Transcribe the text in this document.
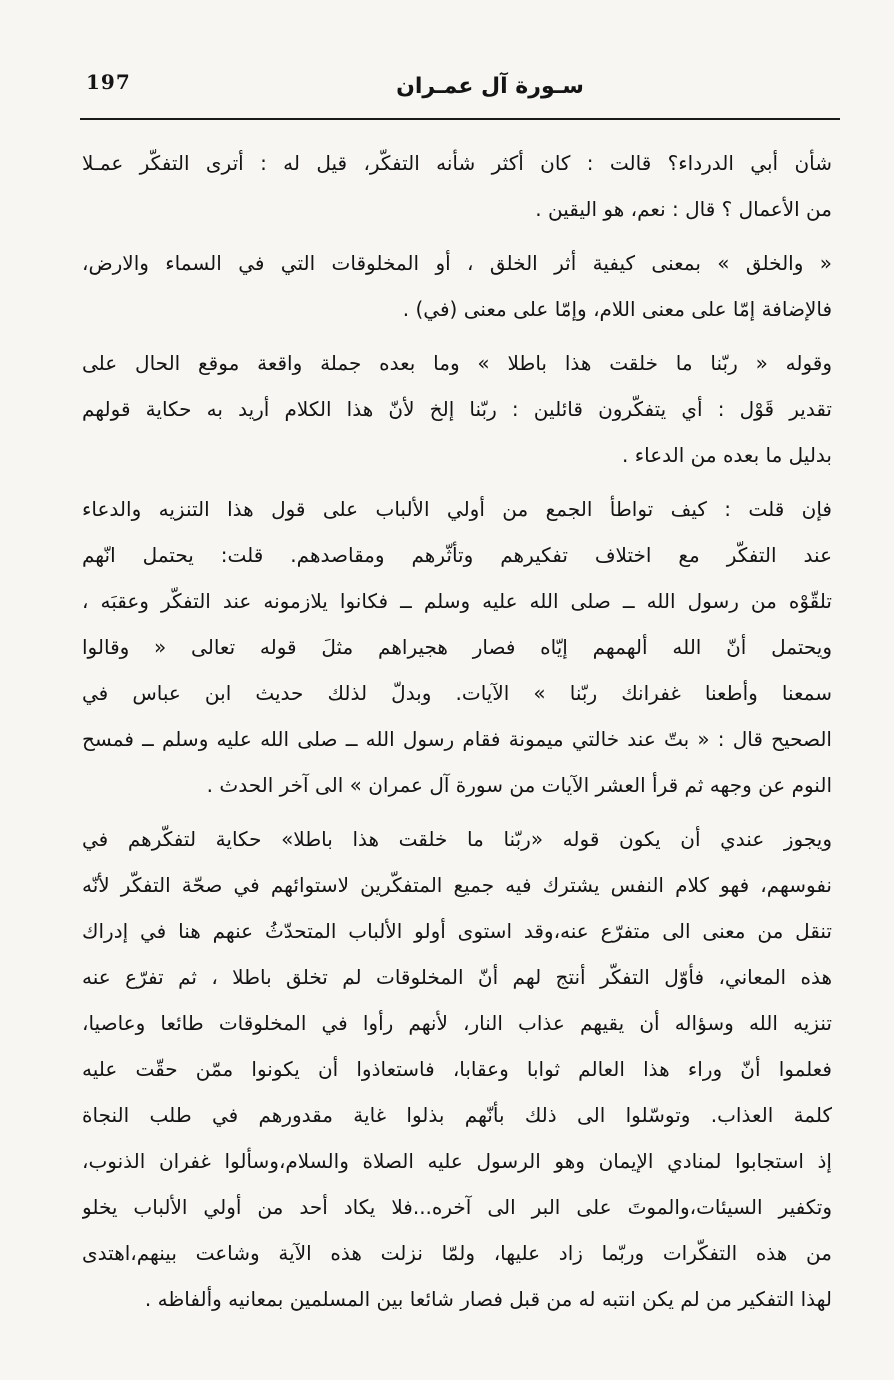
197	سـورة آل عمـران
شأن أبي الدرداء؟ قالت : كان أكثر شأنه التفكّر، قيل له : أترى التفكّر عمـلا
من الأعمال ؟ قال : نعم، هو اليقين .
« والخلق » بمعنى كيفية أثر الخلق ، أو المخلوقات التي في السماء والارض،
فالإضافة إمّا على معنى اللام، وإمّا على معنى (في) .
وقوله « ربّنا ما خلقت هذا باطلا » وما بعده جملة واقعة موقع الحال على
تقدير قَوْل : أي يتفكّرون قائلين : ربّنا إلخ لأنّ هذا الكلام أريد به حكاية قولهم
بدليل ما بعده من الدعاء .
فإن قلت : كيف تواطأ الجمع من أولي الألباب على قول هذا التنزيه والدعاء
عند التفكّر مع اختلاف تفكيرهم وتأثّرهم ومقاصدهم. قلت: يحتمل انّهم
تلقّوْه من رسول الله ــ صلى الله عليه وسلم ــ فكانوا يلازمونه عند التفكّر وعقبَه ،
ويحتمل أنّ الله ألهمهم إيّاه فصار هجيراهم مثلَ قوله تعالى « وقالوا
سمعنا وأطعنا غفرانك ربّنا » الآيات. وبدلّ لذلك حديث ابن عباس في
الصحيح قال : « بتّ عند خالتي ميمونة فقام رسول الله ــ صلى الله عليه وسلم ــ فمسح
النوم عن وجهه ثم قرأ العشر الآيات من سورة آل عمران » الى آخر الحدث .
ويجوز عندي أن يكون قوله «ربّنا ما خلقت هذا باطلا» حكاية لتفكّرهم في
نفوسهم، فهو كلام النفس يشترك فيه جميع المتفكّرين لاستوائهم في صحّة التفكّر لأنّه
تنقل من معنى الى متفرّع عنه،وقد استوى أولو الألباب المتحدّثُ عنهم هنا في إدراك
هذه المعاني، فأوّل التفكّر أنتج لهم أنّ المخلوقات لم تخلق باطلا ، ثم تفرّع عنه
تنزيه الله وسؤاله أن يقيهم عذاب النار، لأنهم رأوا في المخلوقات طائعا وعاصيا،
فعلموا أنّ وراء هذا العالم ثوابا وعقابا، فاستعاذوا أن يكونوا ممّن حقّت عليه
كلمة العذاب. وتوسّلوا الى ذلك بأنّهم بذلوا غاية مقدورهم في طلب النجاة
إذ استجابوا لمنادي الإيمان وهو الرسول عليه الصلاة والسلام،وسألوا غفران الذنوب،
وتكفير السيئات،والموتَ على البر الى آخره...فلا يكاد أحد من أولي الألباب يخلو
من هذه التفكّرات وربّما زاد عليها، ولمّا نزلت هذه الآية وشاعت بينهم،اهتدى
لهذا التفكير من لم يكن انتبه له من قبل فصار شائعا بين المسلمين بمعانيه وألفاظه .
